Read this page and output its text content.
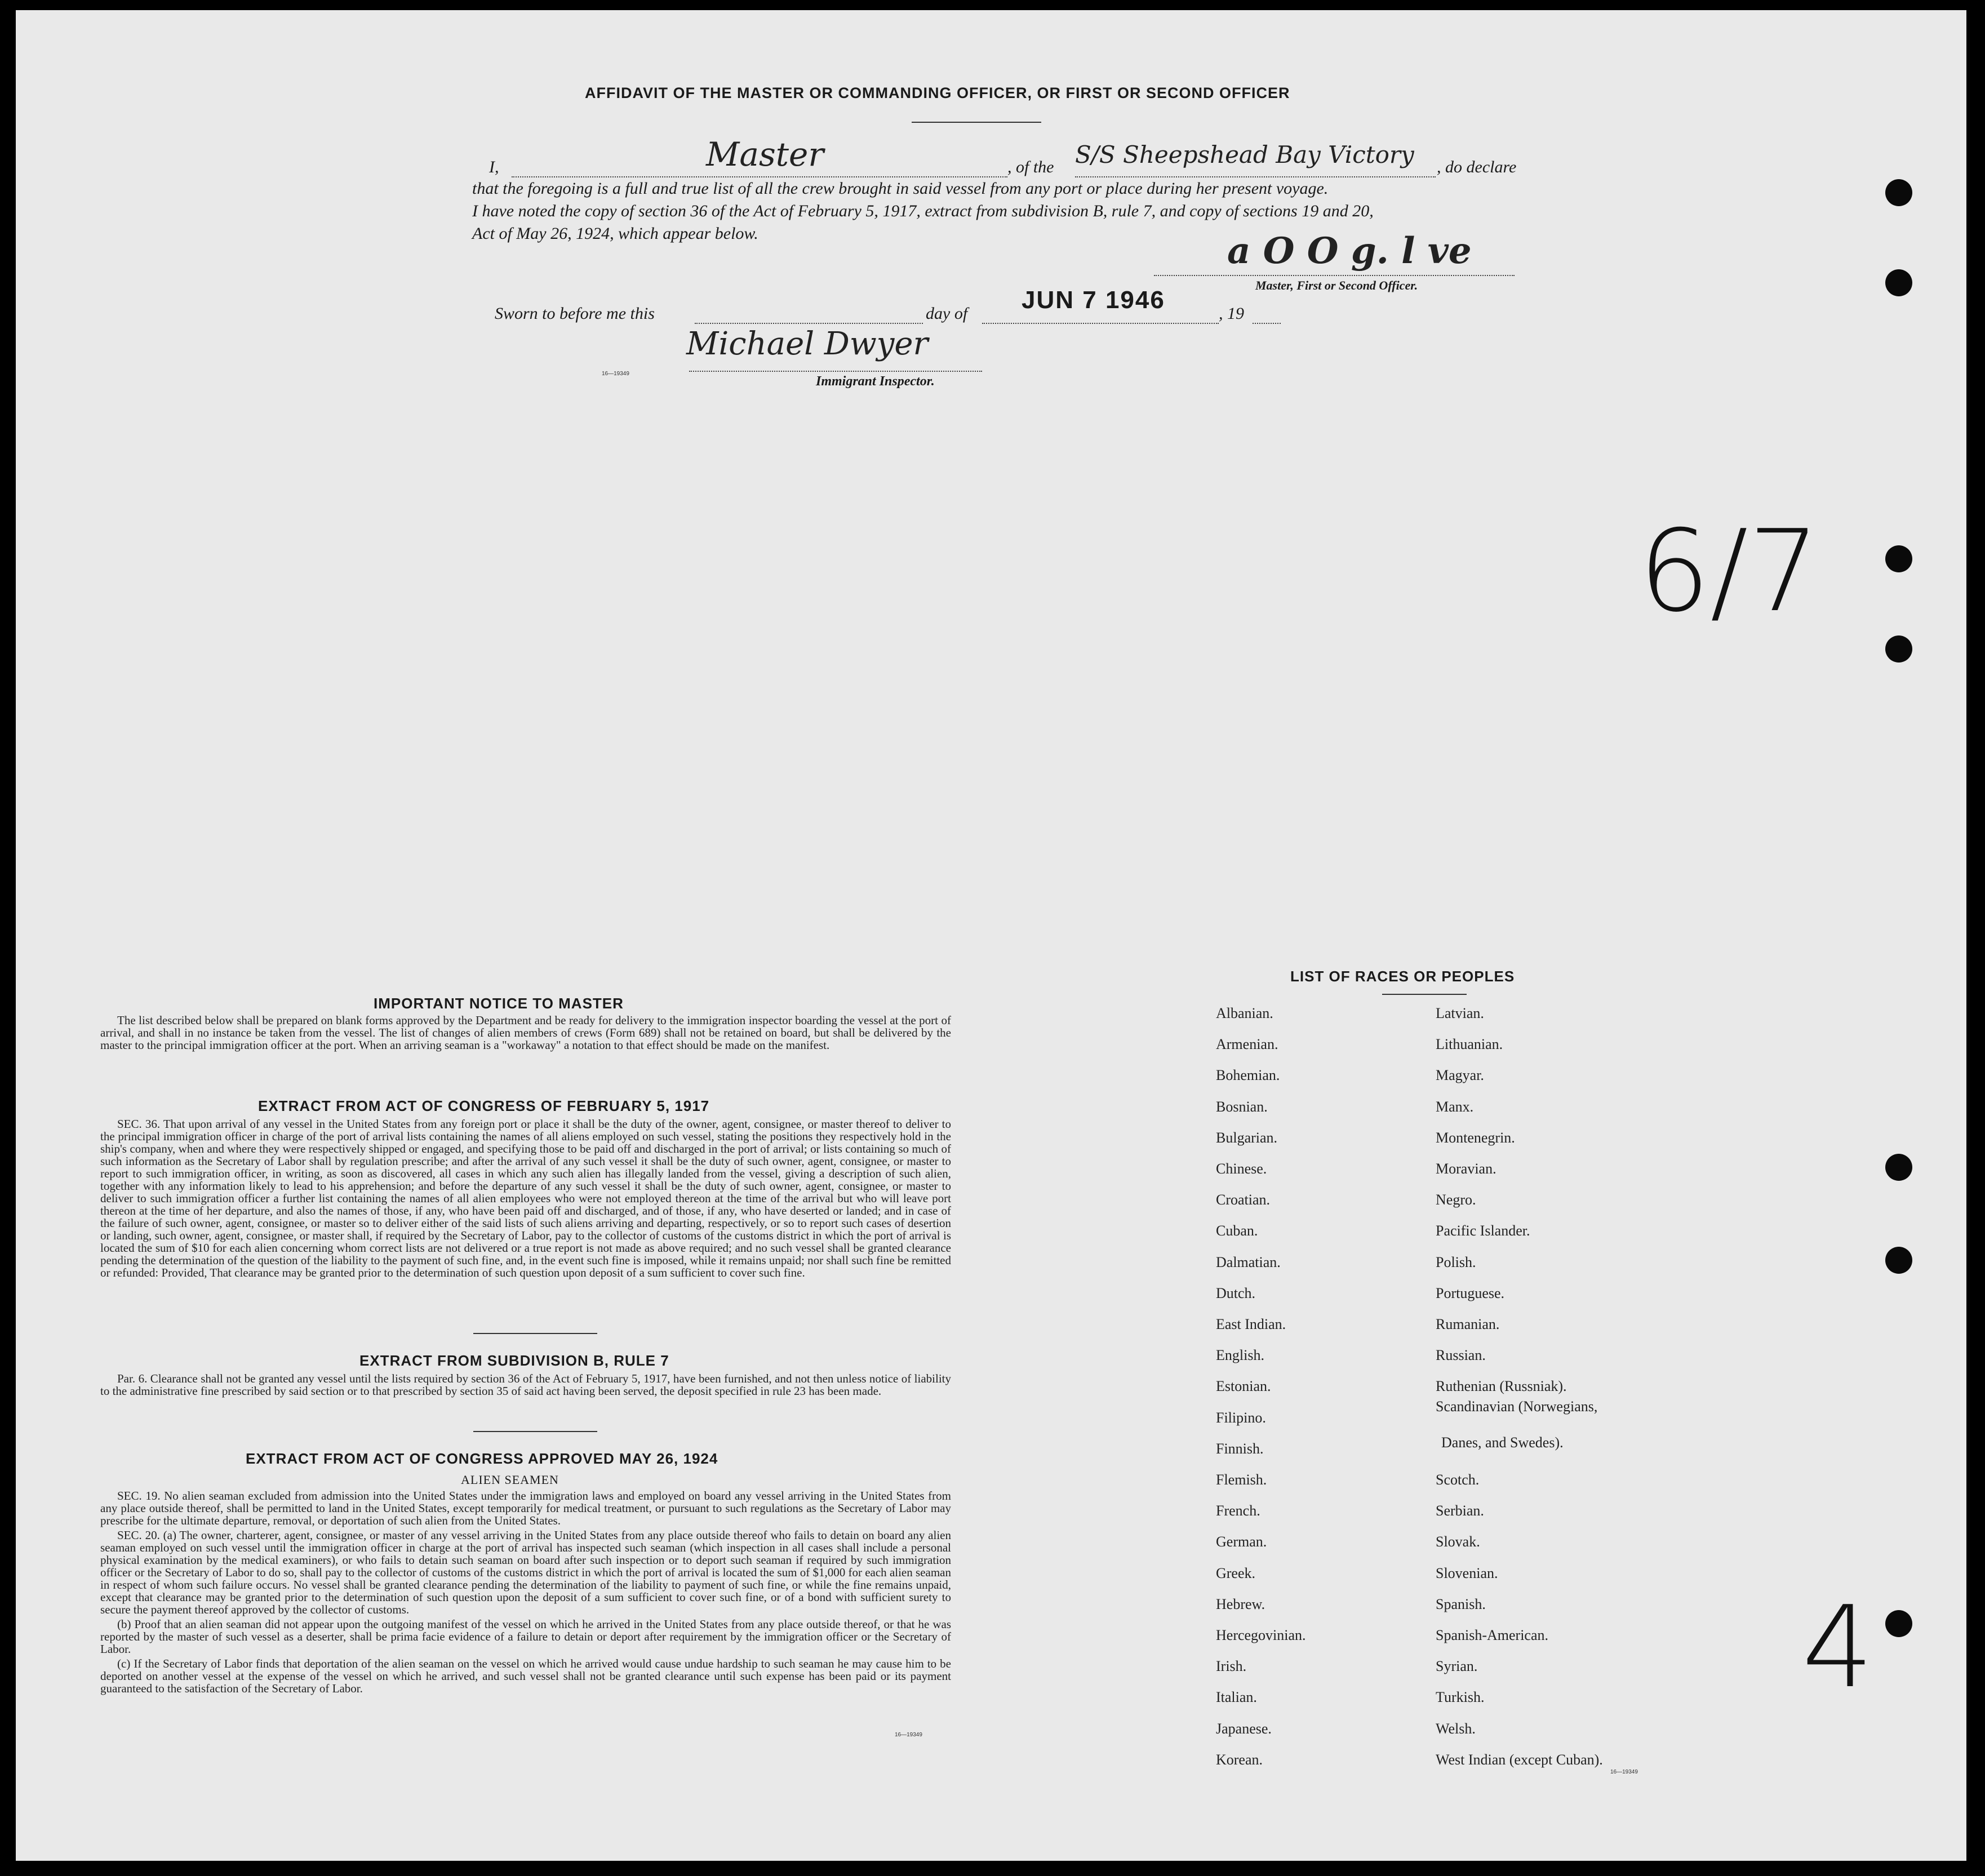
AFFIDAVIT OF THE MASTER OR COMMANDING OFFICER, OR FIRST OR SECOND OFFICER
I,	Master	, of the S/S Sheepshead Bay Victory , do declare
that the foregoing is a full and true list of all the crew brought in said vessel from any port or place during her present voyage.
I have noted the copy of section 36 of the Act of February 5, 1917, extract from subdivision B, rule 7, and copy of sections 19 and 20,
Act of May 26, 1924, which appear below.	a O O g. l ve
Master, First or Second Officer.
Sworn to before me this	day of JUN 7 1946	, 19
Michael Dwyer
16—19349
Immigrant Inspector.
6/7
4
IMPORTANT NOTICE TO MASTER

The list described below shall be prepared on blank forms approved by the Department and be ready for delivery to the immigration inspector boarding the vessel at the port of arrival, and shall in no instance be taken from the vessel. The list of changes of alien members of crews (Form 689) shall not be retained on board, but shall be delivered by the master to the principal immigration officer at the port. When an arriving seaman is a "workaway" a notation to that effect should be made on the manifest.

EXTRACT FROM ACT OF CONGRESS OF FEBRUARY 5, 1917

SEC. 36. That upon arrival of any vessel in the United States from any foreign port or place it shall be the duty of the owner, agent, consignee, or master thereof to deliver to the principal immigration officer in charge of the port of arrival lists containing the names of all aliens employed on such vessel, stating the positions they respectively hold in the ship's company, when and where they were respectively shipped or engaged, and specifying those to be paid off and discharged in the port of arrival; or lists containing so much of such information as the Secretary of Labor shall by regulation prescribe; and after the arrival of any such vessel it shall be the duty of such owner, agent, consignee, or master to report to such immigration officer, in writing, as soon as discovered, all cases in which any such alien has illegally landed from the vessel, giving a description of such alien, together with any information likely to lead to his apprehension; and before the departure of any such vessel it shall be the duty of such owner, agent, consignee, or master to deliver to such immigration officer a further list containing the names of all alien employees who were not employed thereon at the time of the arrival but who will leave port thereon at the time of her departure, and also the names of those, if any, who have been paid off and discharged, and of those, if any, who have deserted or landed; and in case of the failure of such owner, agent, consignee, or master so to deliver either of the said lists of such aliens arriving and departing, respectively, or so to report such cases of desertion or landing, such owner, agent, consignee, or master shall, if required by the Secretary of Labor, pay to the collector of customs of the customs district in which the port of arrival is located the sum of $10 for each alien concerning whom correct lists are not delivered or a true report is not made as above required; and no such vessel shall be granted clearance pending the determination of the question of the liability to the payment of such fine, and, in the event such fine is imposed, while it remains unpaid; nor shall such fine be remitted or refunded: Provided, That clearance may be granted prior to the determination of such question upon deposit of a sum sufficient to cover such fine.

EXTRACT FROM SUBDIVISION B, RULE 7

Par. 6. Clearance shall not be granted any vessel until the lists required by section 36 of the Act of February 5, 1917, have been furnished, and not then unless notice of liability to the administrative fine prescribed by said section or to that prescribed by section 35 of said act having been served, the deposit specified in rule 23 has been made.

EXTRACT FROM ACT OF CONGRESS APPROVED MAY 26, 1924
ALIEN SEAMEN

SEC. 19. No alien seaman excluded from admission into the United States under the immigration laws and employed on board any vessel arriving in the United States from any place outside thereof, shall be permitted to land in the United States, except temporarily for medical treatment, or pursuant to such regulations as the Secretary of Labor may prescribe for the ultimate departure, removal, or deportation of such alien from the United States.

SEC. 20. (a) The owner, charterer, agent, consignee, or master of any vessel arriving in the United States from any place outside thereof who fails to detain on board any alien seaman employed on such vessel until the immigration officer in charge at the port of arrival has inspected such seaman (which inspection in all cases shall include a personal physical examination by the medical examiners), or who fails to detain such seaman on board after such inspection or to deport such seaman if required by such immigration officer or the Secretary of Labor to do so, shall pay to the collector of customs of the customs district in which the port of arrival is located the sum of $1,000 for each alien seaman in respect of whom such failure occurs. No vessel shall be granted clearance pending the determination of the liability to payment of such fine, or while the fine remains unpaid, except that clearance may be granted prior to the determination of such question upon the deposit of a sum sufficient to cover such fine, or of a bond with sufficient surety to secure the payment thereof approved by the collector of customs.

(b) Proof that an alien seaman did not appear upon the outgoing manifest of the vessel on which he arrived in the United States from any place outside thereof, or that he was reported by the master of such vessel as a deserter, shall be prima facie evidence of a failure to detain or deport after requirement by the immigration officer or the Secretary of Labor.

(c) If the Secretary of Labor finds that deportation of the alien seaman on the vessel on which he arrived would cause undue hardship to such seaman he may cause him to be deported on another vessel at the expense of the vessel on which he arrived, and such vessel shall not be granted clearance until such expense has been paid or its payment guaranteed to the satisfaction of the Secretary of Labor.

16—19349
LIST OF RACES OR PEOPLES
Albanian.
Armenian.
Bohemian.
Bosnian.
Bulgarian.
Chinese.
Croatian.
Cuban.
Dalmatian.
Dutch.
East Indian.
English.
Estonian.
Filipino.
Finnish.
Flemish.
French.
German.
Greek.
Hebrew.
Hercegovinian.
Irish.
Italian.
Japanese.
Korean.
Latvian.
Lithuanian.
Magyar.
Manx.
Montenegrin.
Moravian.
Negro.
Pacific Islander.
Polish.
Portuguese.
Rumanian.
Russian.
Ruthenian (Russniak).
Scandinavian (Norwegians,
Scotch.
Serbian.
Slovak.
Slovenian.
Spanish.
Spanish-American.
Syrian.
Turkish.
Welsh.
West Indian (except Cuban).
Danes, and Swedes).
16—19349
